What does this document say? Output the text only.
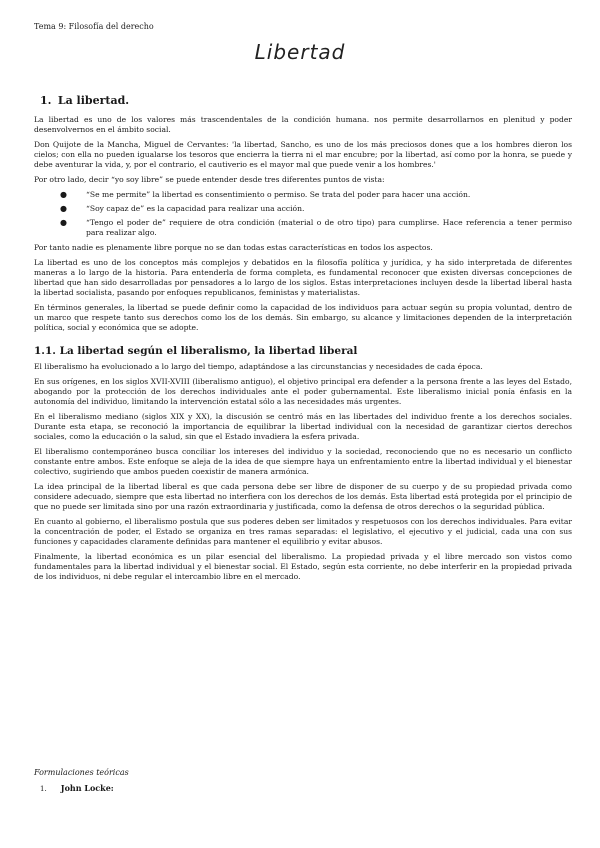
Tema 9: Filosofía del derecho
Libertad
1. La libertad.

La libertad es uno de los valores más trascendentales de la condición humana. nos permite desarrollarnos en plenitud y poder desenvolvernos en el ámbito social.

Don Quijote de la Mancha, Miguel de Cervantes: 'la libertad, Sancho, es uno de los más preciosos dones que a los hombres dieron los cielos; con ella no pueden igualarse los tesoros que encierra la tierra ni el mar encubre; por la libertad, así como por la honra, se puede y debe aventurar la vida, y, por el contrario, el cautiverio es el mayor mal que puede venir a los hombres.'

Por otro lado, decir “yo soy libre” se puede entender desde tres diferentes puntos de vista:

●	“Se me permite” la libertad es consentimiento o permiso. Se trata del poder para hacer una acción.
●	“Soy capaz de” es la capacidad para realizar una acción.
●	“Tengo el poder de” requiere de otra condición (material o de otro tipo) para cumplirse. Hace referencia a tener permiso para realizar algo.

Por tanto nadie es plenamente libre porque no se dan todas estas características en todos los aspectos.

La libertad es uno de los conceptos más complejos y debatidos en la filosofía política y jurídica, y ha sido interpretada de diferentes maneras a lo largo de la historia. Para entenderla de forma completa, es fundamental reconocer que existen diversas concepciones de libertad que han sido desarrolladas por pensadores a lo largo de los siglos. Estas interpretaciones incluyen desde la libertad liberal hasta la libertad socialista, pasando por enfoques republicanos, feministas y materialistas.

En términos generales, la libertad se puede definir como la capacidad de los individuos para actuar según su propia voluntad, dentro de un marco que respete tanto sus derechos como los de los demás. Sin embargo, su alcance y limitaciones dependen de la interpretación política, social y económica que se adopte.

1.1. La libertad según el liberalismo, la libertad liberal

El liberalismo ha evolucionado a lo largo del tiempo, adaptándose a las circunstancias y necesidades de cada época.

En sus orígenes, en los siglos XVII-XVIII (liberalismo antiguo), el objetivo principal era defender a la persona frente a las leyes del Estado, abogando por la protección de los derechos individuales ante el poder gubernamental. Este liberalismo inicial ponía énfasis en la autonomía del individuo, limitando la intervención estatal sólo a las necesidades más urgentes.

En el liberalismo mediano (siglos XIX y XX), la discusión se centró más en las libertades del individuo frente a los derechos sociales. Durante esta etapa, se reconoció la importancia de equilibrar la libertad individual con la necesidad de garantizar ciertos derechos sociales, como la educación o la salud, sin que el Estado invadiera la esfera privada.

El liberalismo contemporáneo busca conciliar los intereses del individuo y la sociedad, reconociendo que no es necesario un conflicto constante entre ambos. Este enfoque se aleja de la idea de que siempre haya un enfrentamiento entre la libertad individual y el bienestar colectivo, sugiriendo que ambos pueden coexistir de manera armónica.

La idea principal de la libertad liberal es que cada persona debe ser libre de disponer de su cuerpo y de su propiedad privada como considere adecuado, siempre que esta libertad no interfiera con los derechos de los demás. Esta libertad está protegida por el principio de que no puede ser limitada sino por una razón extraordinaria y justificada, como la defensa de otros derechos o la seguridad pública.

En cuanto al gobierno, el liberalismo postula que sus poderes deben ser limitados y respetuosos con los derechos individuales. Para evitar la concentración de poder, el Estado se organiza en tres ramas separadas: el legislativo, el ejecutivo y el judicial, cada una con sus funciones y capacidades claramente definidas para mantener el equilibrio y evitar abusos.

Finalmente, la libertad económica es un pilar esencial del liberalismo. La propiedad privada y el libre mercado son vistos como fundamentales para la libertad individual y el bienestar social. El Estado, según esta corriente, no debe interferir en la propiedad privada de los individuos, ni debe regular el intercambio libre en el mercado.

Formulaciones teóricas
1. John Locke:
